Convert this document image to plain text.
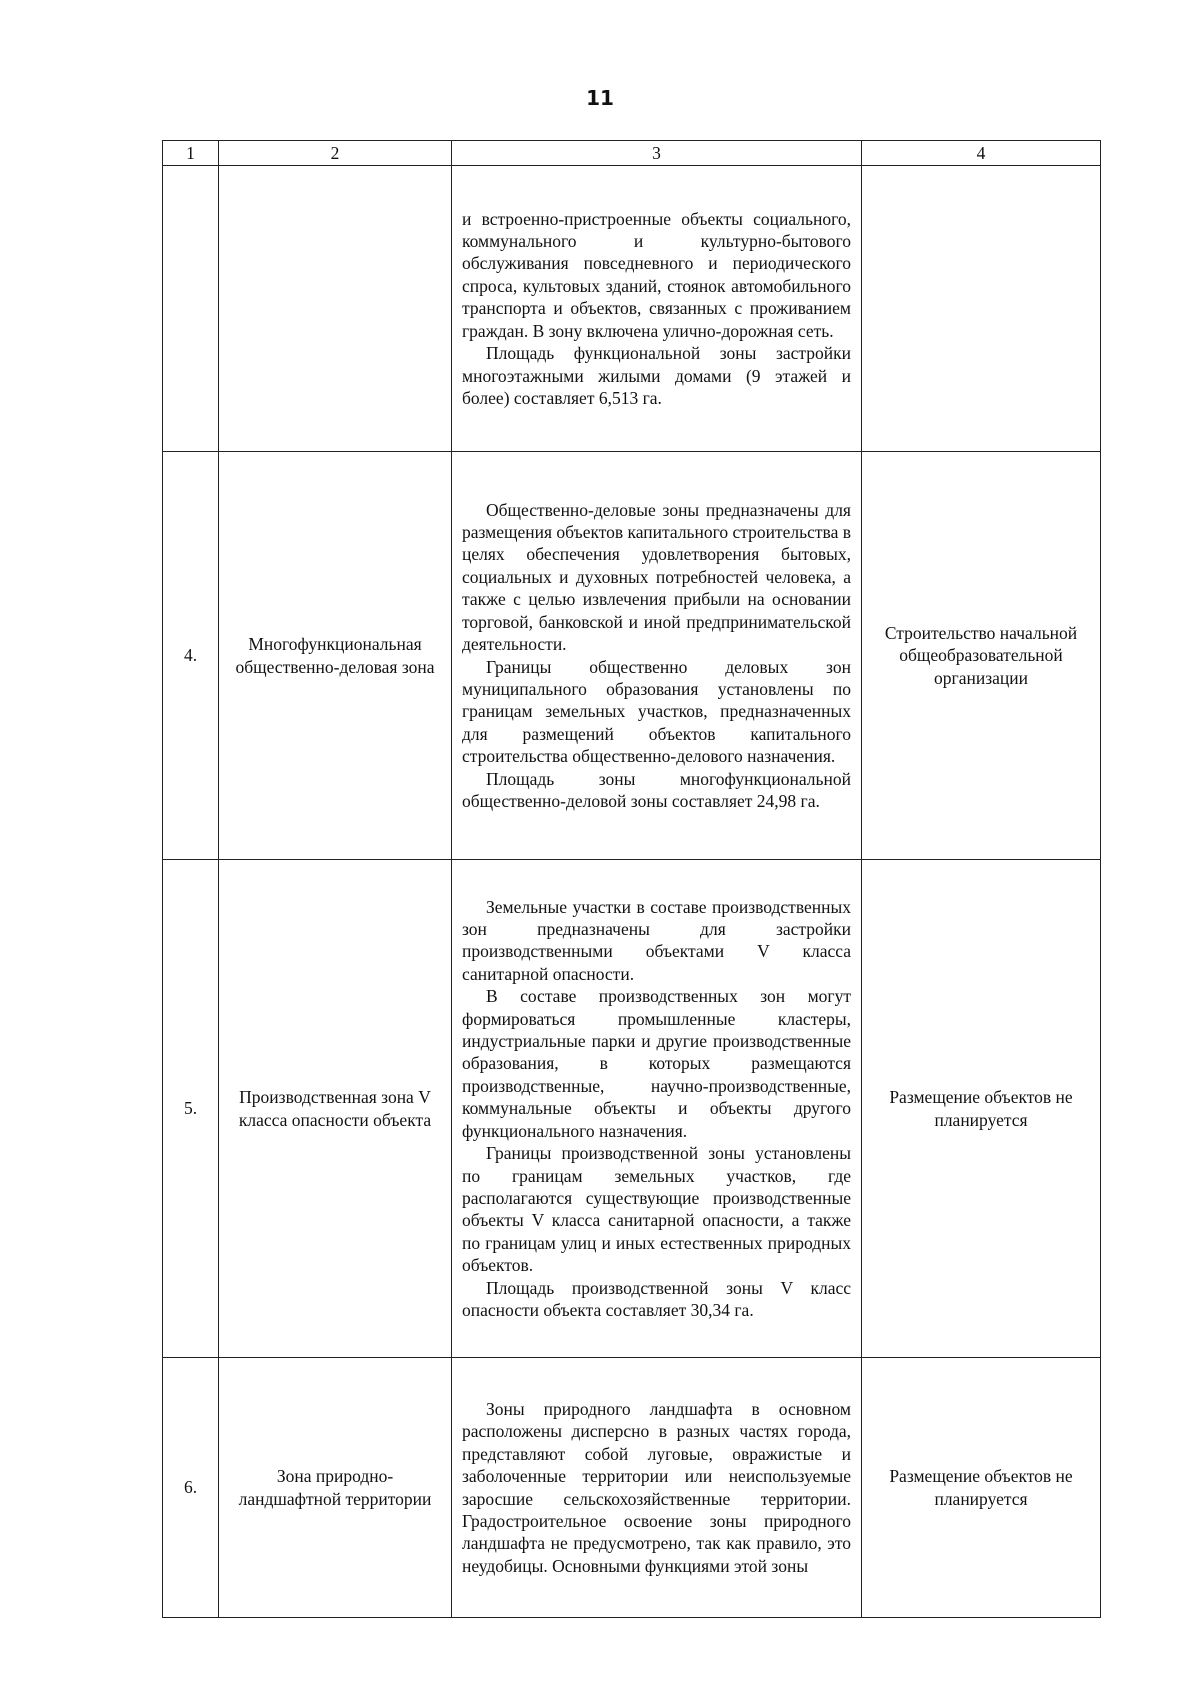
11
1	2	3	4

		и встроенно-пристроенные объекты социального, коммунального и культурно-бытового обслуживания повседневного и периодического спроса, культовых зданий, стоянок автомобильного транспорта и объектов, связанных с проживанием граждан. В зону включена улично-дорожная сеть.

Площадь функциональной зоны застройки многоэтажными жилыми домами (9 этажей и более) составляет 6,513 га.	

4.	Многофункциональная общественно-деловая зона	Общественно-деловые зоны предназначены для размещения объектов капитального строительства в целях обеспечения удовлетворения бытовых, социальных и духовных потребностей человека, а также с целью извлечения прибыли на основании торговой, банковской и иной предпринимательской деятельности.

Границы общественно деловых зон муниципального образования установлены по границам земельных участков, предназначенных для размещений объектов капитального строительства общественно-делового назначения.

Площадь зоны многофункциональной общественно-деловой зоны составляет 24,98 га.	Строительство начальной общеобразовательной организации
5.	Производственная зона V класса опасности объекта	Земельные участки в составе производственных зон предназначены для застройки производственными объектами V класса санитарной опасности.

В составе производственных зон могут формироваться промышленные кластеры, индустриальные парки и другие производственные образования, в которых размещаются производственные, научно-производственные, коммунальные объекты и объекты другого функционального назначения.

Границы производственной зоны установлены по границам земельных участков, где располагаются существующие производственные объекты V класса санитарной опасности, а также по границам улиц и иных естественных природных объектов.

Площадь производственной зоны V класс опасности объекта составляет 30,34 га.	Размещение объектов не планируется
6.	Зона природно-ландшафтной территории	Зоны природного ландшафта в основном расположены дисперсно в разных частях города, представляют собой луговые, овражистые и заболоченные территории или неиспользуемые заросшие сельскохозяйственные территории. Градостроительное освоение зоны природного ландшафта не предусмотрено, так как правило, это неудобицы. Основными функциями этой зоны	Размещение объектов не планируется
